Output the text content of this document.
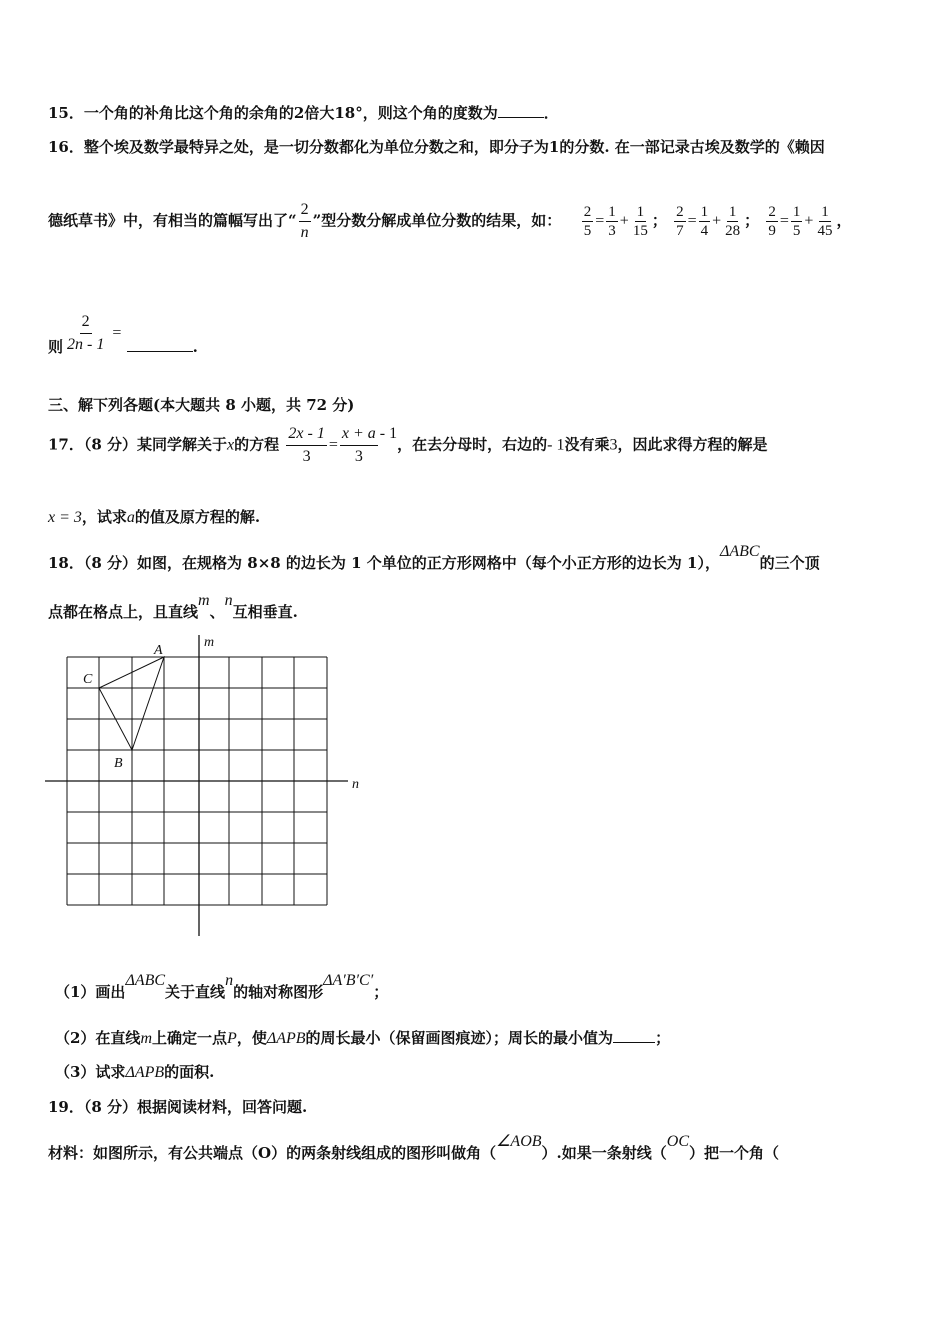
15．一个角的补角比这个角的余角的2倍大18°，则这个角的度数为	．
16．整个埃及数学最特异之处，是一切分数都化为单位分数之和，即分子为1的分数. 在一部记录古埃及数学的《赖因
德纸草书》中，有相当的篇幅写出了“ $\frac{2}{n}$ ”型分数分解成单位分数的结果，如： $\frac{2}{5} = \frac{1}{3} + \frac{1}{15}$ ； $\frac{2}{7} = \frac{1}{4} + \frac{1}{28}$ ； $\frac{2}{9} = \frac{1}{5} + \frac{1}{45}$ ，
则 $\frac{2}{2n - 1}$ = .
三、解下列各题(本大题共 8 小题，共 72 分)
17．（8 分）某同学解关于x的方程 $\frac{2x - 1}{3} = \frac{x + a}{3} - 1$，在去分母时，右边的- 1没有乘3，因此求得方程的解是
x = 3，试求a的值及原方程的解.
18．（8 分）如图，在规格为 8×8 的边长为 1 个单位的正方形网格中（每个小正方形的边长为 1），ΔABC的三个顶
点都在格点上，且直线m、n互相垂直.
A
C
B
m
n
（1）画出ΔABC关于直线n的轴对称图形ΔA′B′C′；
（2）在直线m上确定一点P，使ΔAPB的周长最小（保留画图痕迹）；周长的最小值为	；
（3）试求ΔAPB的面积.
19．（8 分）根据阅读材料，回答问题.
材料：如图所示，有公共端点（O）的两条射线组成的图形叫做角（∠AOB）.如果一条射线（OC）把一个角（
